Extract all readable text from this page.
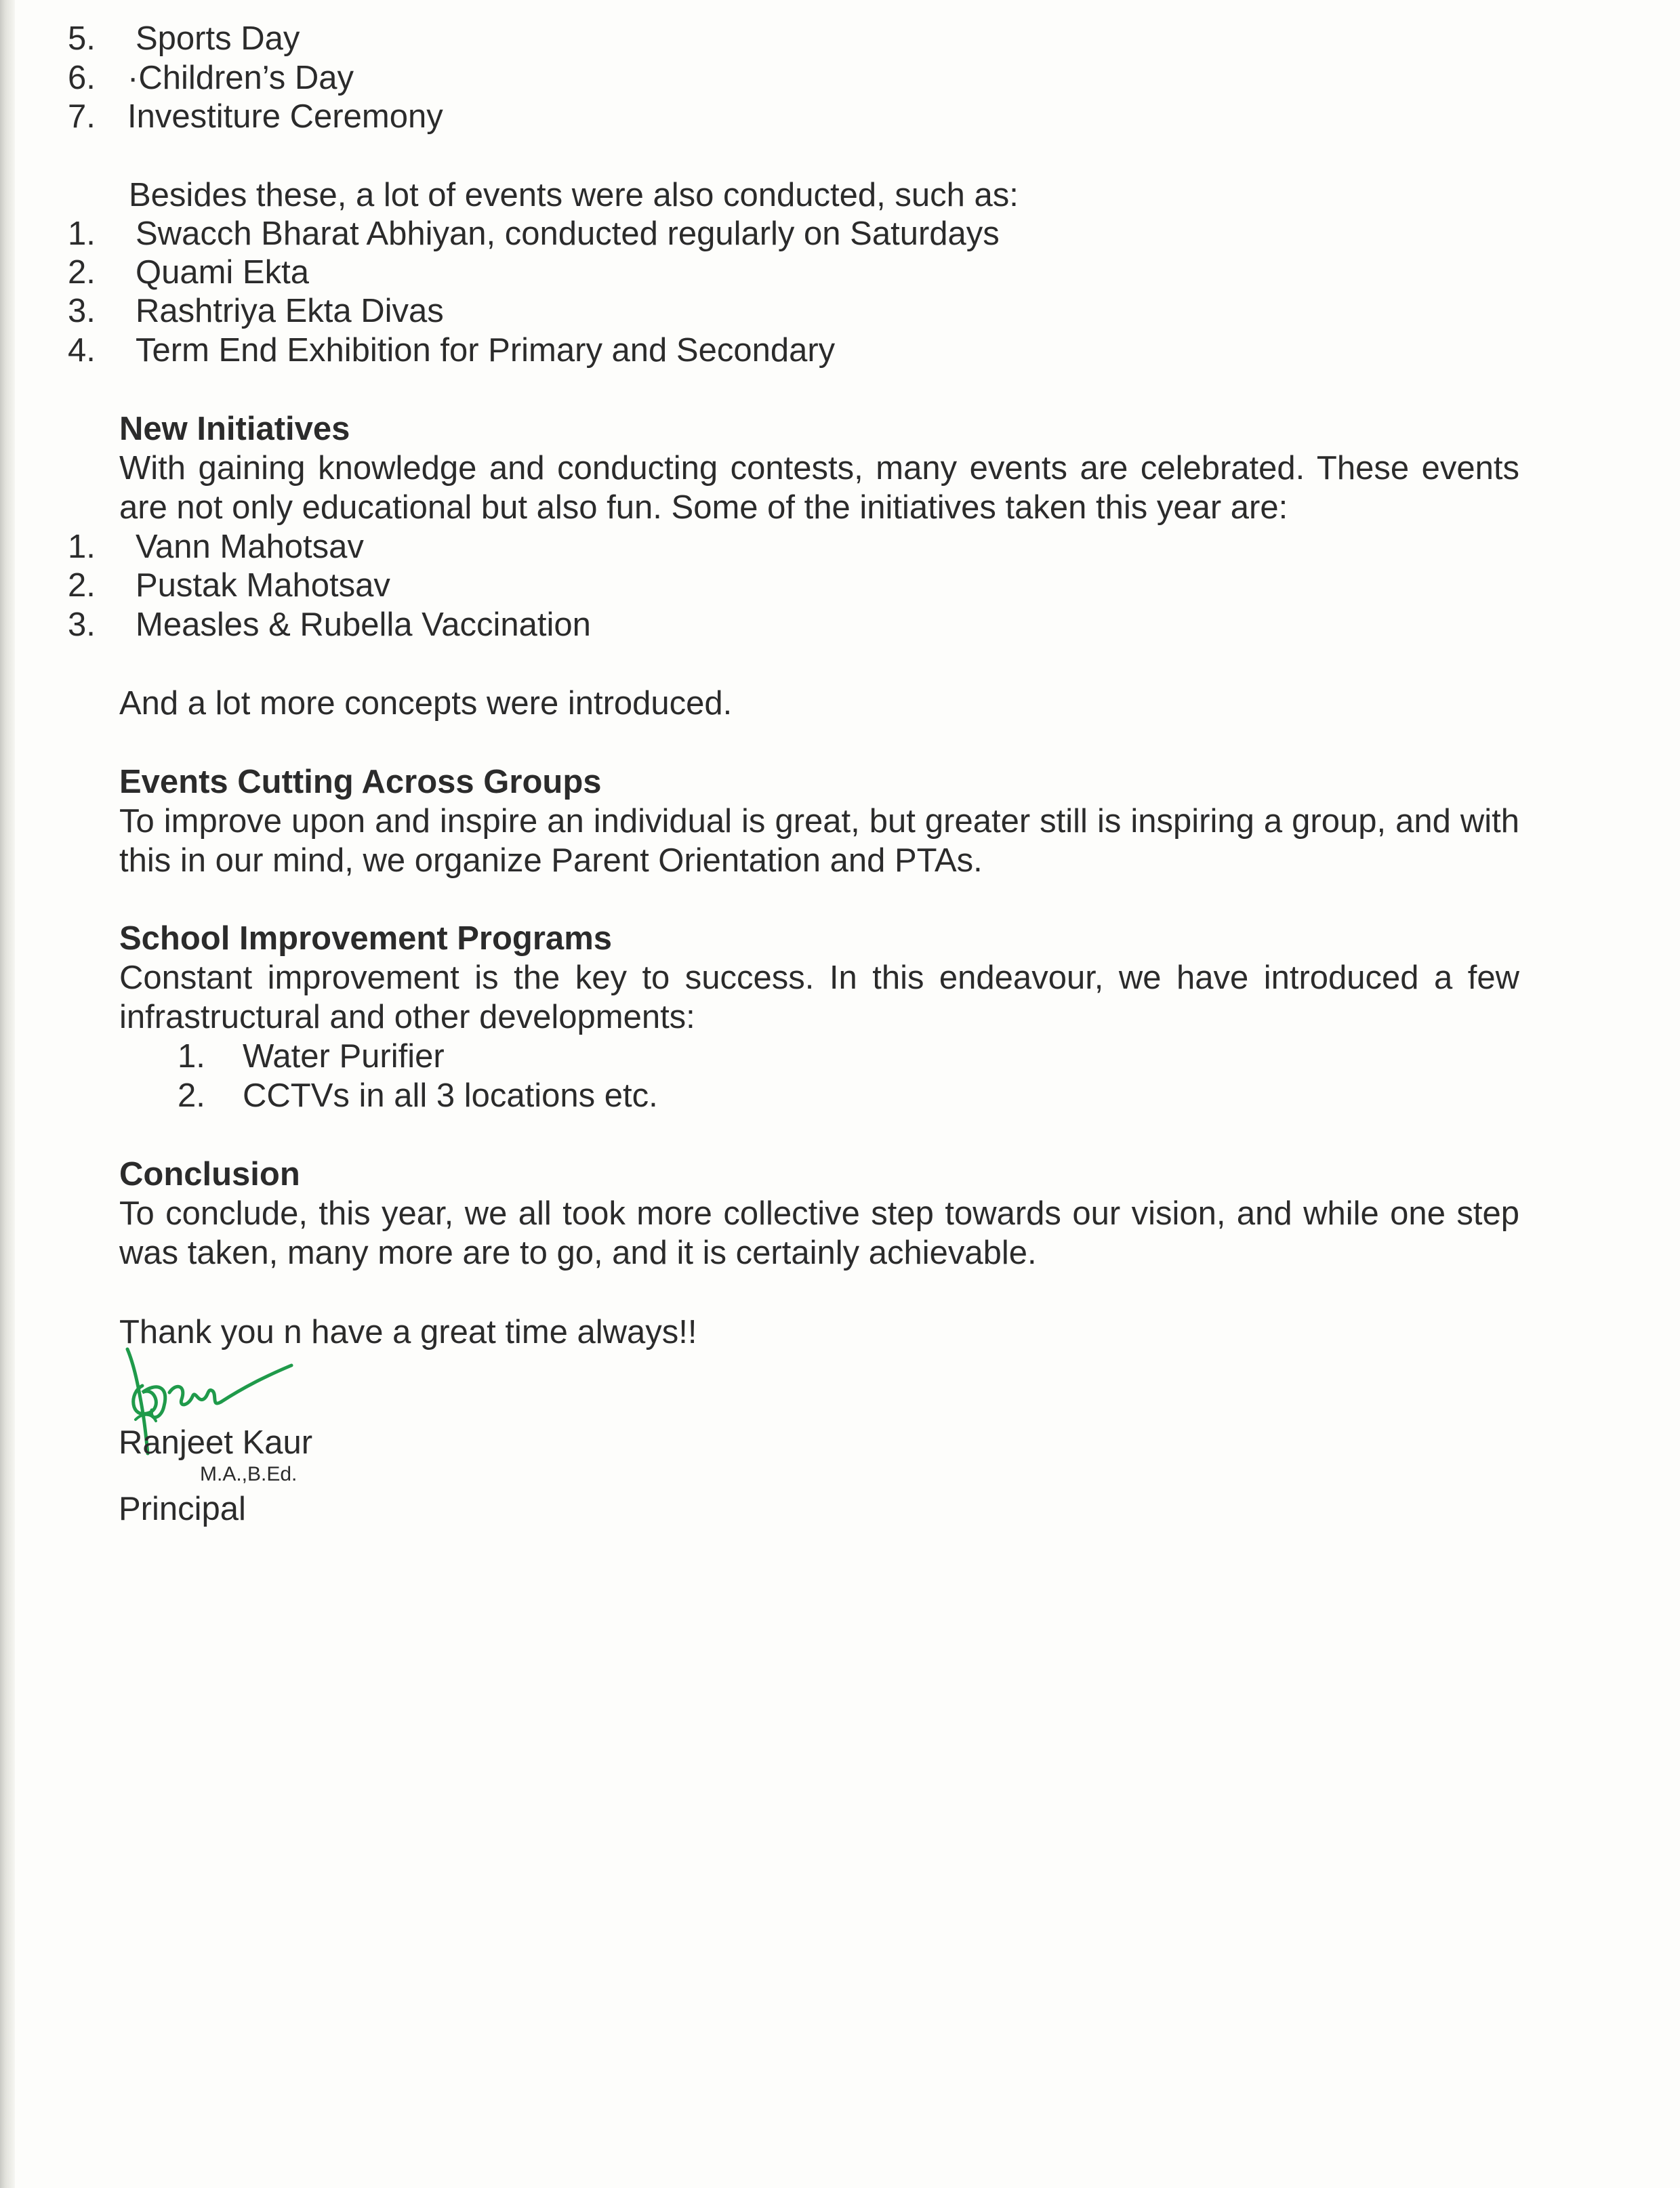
5. Sports Day
6. ·Children’s Day
7. Investiture Ceremony
Besides these, a lot of events were also conducted, such as:
1. Swacch Bharat Abhiyan, conducted regularly on Saturdays
2. Quami Ekta
3. Rashtriya Ekta Divas
4. Term End Exhibition for Primary and Secondary
New Initiatives
With gaining knowledge and conducting contests, many events are celebrated. These events are not only educational but also fun. Some of the initiatives taken this year are:
1. Vann Mahotsav
2. Pustak Mahotsav
3. Measles & Rubella Vaccination
And a lot more concepts were introduced.
Events Cutting Across Groups
To improve upon and inspire an individual is great, but greater still is inspiring a group, and with this in our mind, we organize Parent Orientation and PTAs.
School Improvement Programs
Constant improvement is the key to success. In this endeavour, we have introduced a few infrastructural and other developments:
1. Water Purifier
2. CCTVs in all 3 locations etc.
Conclusion
To conclude, this year, we all took more collective step towards our vision, and while one step was taken, many more are to go, and it is certainly achievable.
Thank you n have a great time always!!
Ranjeet Kaur
M.A.,B.Ed.
Principal
